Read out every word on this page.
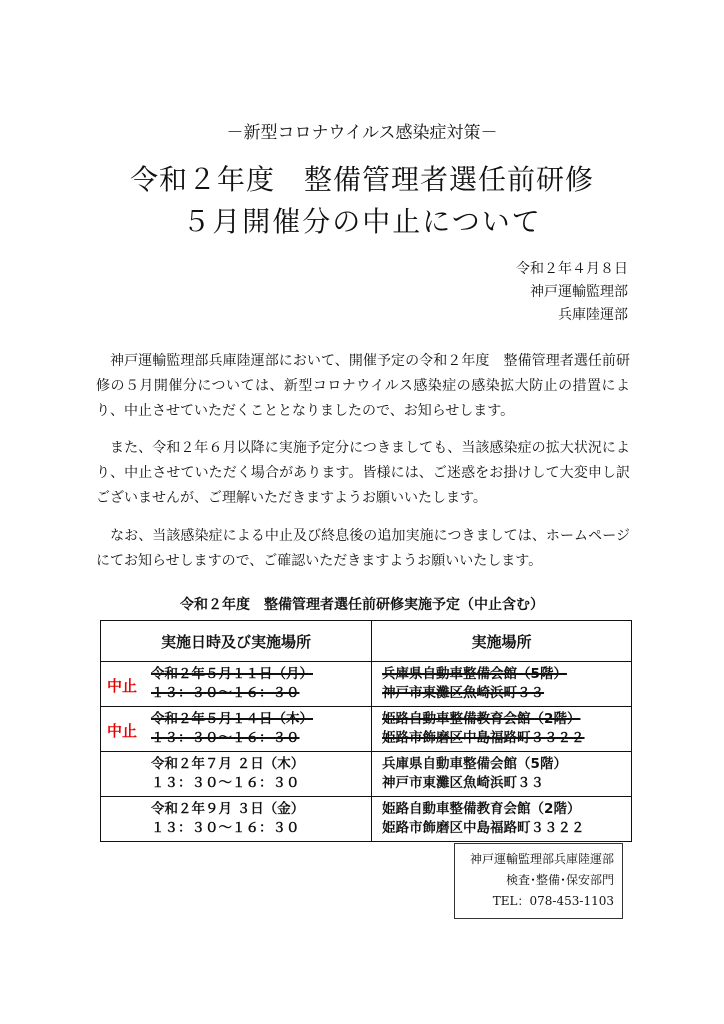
－新型コロナウイルス感染症対策－
令和２年度　整備管理者選任前研修
５月開催分の中止について
令和２年４月８日
神戸運輸監理部
兵庫陸運部
　神戸運輸監理部兵庫陸運部において、開催予定の令和２年度　整備管理者選任前研修の５月開催分については、新型コロナウイルス感染症の感染拡大防止の措置により、中止させていただくこととなりましたので、お知らせします。
　また、令和２年６月以降に実施予定分につきましても、当該感染症の拡大状況により、中止させていただく場合があります。皆様には、ご迷惑をお掛けして大変申し訳ございませんが、ご理解いただきますようお願いいたします。
　なお、当該感染症による中止及び終息後の追加実施につきましては、ホームページにてお知らせしますので、ご確認いただきますようお願いいたします。
令和２年度　整備管理者選任前研修実施予定（中止含む）
実施日時及び実施場所	実施場所

中止
令和２年５月１１日（月）
１３：３０～１６：３０	兵庫県自動車整備会館（5階）
神戸市東灘区魚崎浜町３３

中止
令和２年５月１４日（木）
１３：３０～１６：３０	姫路自動車整備教育会館（2階）
姫路市飾磨区中島福路町３３２２

令和２年７月 ２日（木）
１３：３０～１６：３０	兵庫県自動車整備会館（5階）
神戸市東灘区魚崎浜町３３

令和２年９月 ３日（金）
１３：３０～１６：３０	姫路自動車整備教育会館（2階）
姫路市飾磨区中島福路町３３２２
神戸運輸監理部兵庫陸運部
検査･整備･保安部門
TEL：078-453-1103
